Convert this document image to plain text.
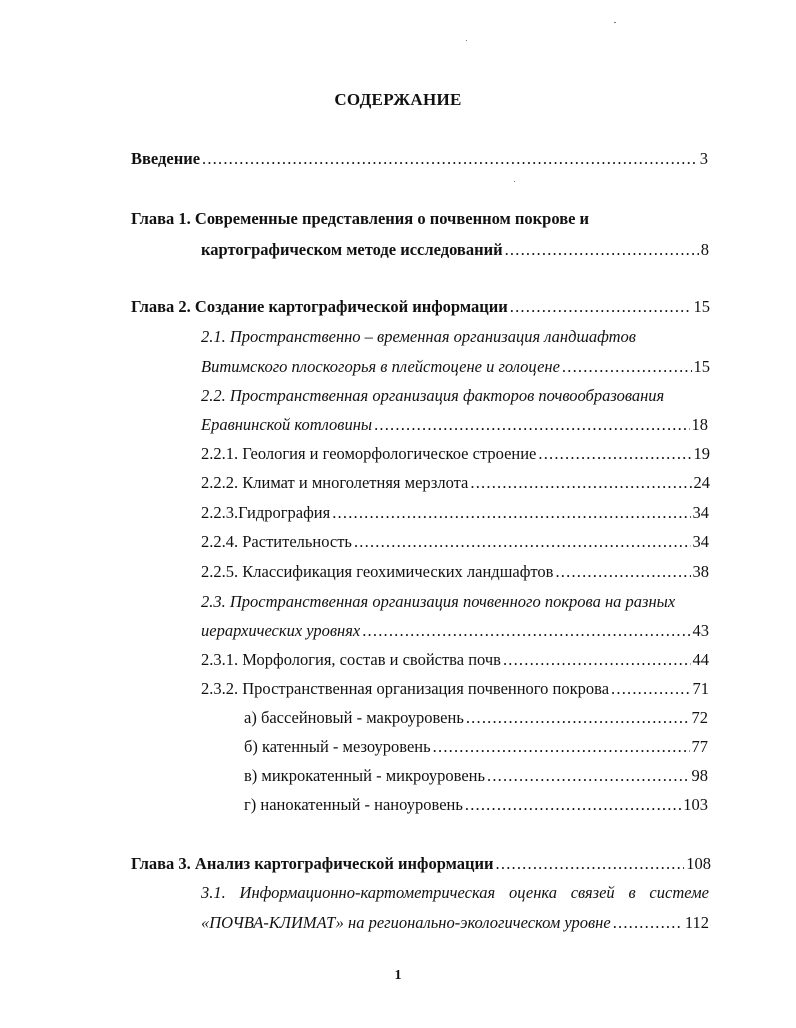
СОДЕРЖАНИЕ
Введение .....	3
Глава 1. Современные представления о почвенном покрове и
картографическом методе исследований .....	8
Глава 2. Создание картографической информации .....	15
2.1. Пространственно – временная организация ландшафтов
Витимского плоскогорья в плейстоцене и голоцене .....	15
2.2. Пространственная организация факторов почвообразования
Еравнинской котловины .....	18
2.2.1. Геология и геоморфологическое строение .....	19
2.2.2. Климат и многолетняя мерзлота .....	24
2.2.3.Гидрография .....	34
2.2.4. Растительность .....	34
2.2.5. Классификация геохимических ландшафтов .....	38
2.3. Пространственная организация почвенного покрова на разных
иерархических уровнях .....	43
2.3.1. Морфология, состав и свойства почв .....	44
2.3.2. Пространственная организация почвенного покрова .....	71
а) бассейновый - макроуровень .....	72
б) катенный - мезоуровень .....	77
в) микрокатенный - микроуровень .....	98
г) нанокатенный - наноуровень .....	103
Глава 3. Анализ картографической информации .....	108
3.1. Информационно-картометрическая оценка связей в системе
«ПОЧВА-КЛИМАТ» на регионально-экологическом уровне .....	112
1
